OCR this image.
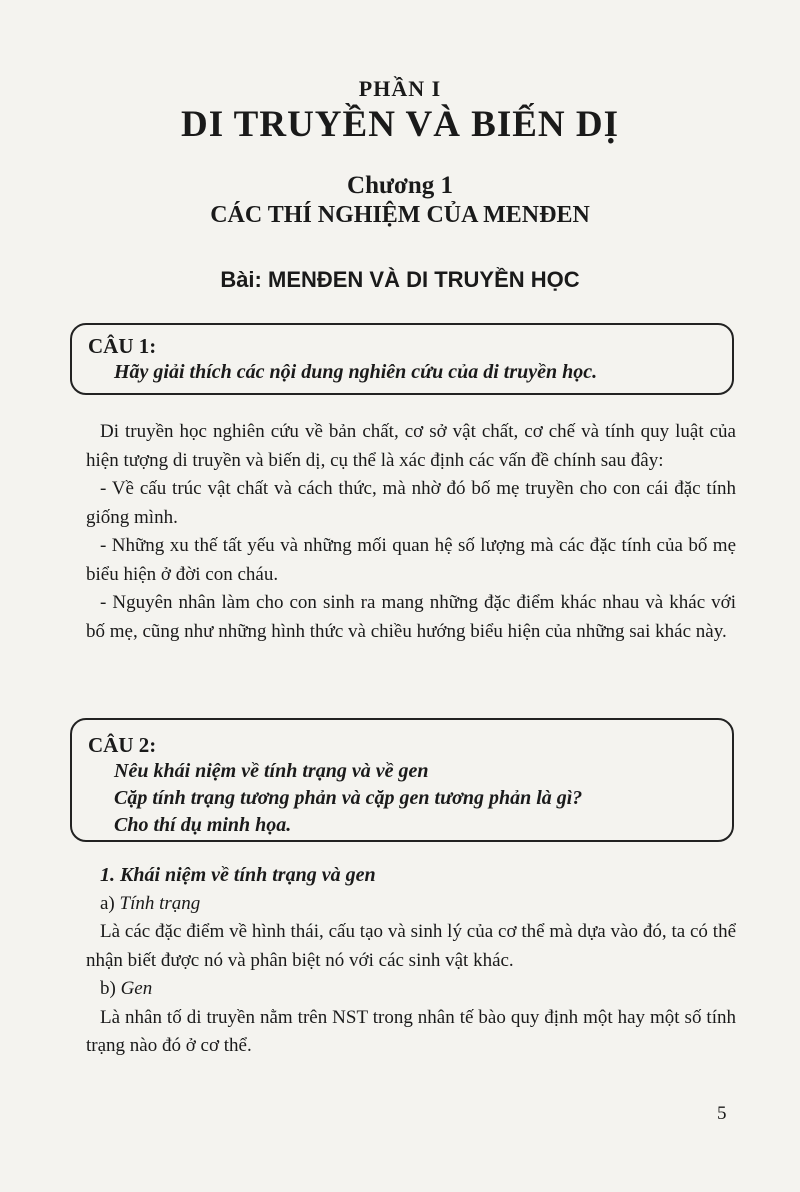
PHẦN I
DI TRUYỀN VÀ BIẾN DỊ
Chương 1
CÁC THÍ NGHIỆM CỦA MENĐEN
Bài: MENĐEN VÀ DI TRUYỀN HỌC
CÂU 1:
Hãy giải thích các nội dung nghiên cứu của di truyền học.

Di truyền học nghiên cứu về bản chất, cơ sở vật chất, cơ chế và tính quy luật của hiện tượng di truyền và biến dị, cụ thể là xác định các vấn đề chính sau đây:

- Về cấu trúc vật chất và cách thức, mà nhờ đó bố mẹ truyền cho con cái đặc tính giống mình.

- Những xu thế tất yếu và những mối quan hệ số lượng mà các đặc tính của bố mẹ biểu hiện ở đời con cháu.

- Nguyên nhân làm cho con sinh ra mang những đặc điểm khác nhau và khác với bố mẹ, cũng như những hình thức và chiều hướng biểu hiện của những sai khác này.

CÂU 2:
Nêu khái niệm về tính trạng và về gen
Cặp tính trạng tương phản và cặp gen tương phản là gì?
Cho thí dụ minh họa.

1. Khái niệm về tính trạng và gen

a) Tính trạng

Là các đặc điểm về hình thái, cấu tạo và sinh lý của cơ thể mà dựa vào đó, ta có thể nhận biết được nó và phân biệt nó với các sinh vật khác.

b) Gen

Là nhân tố di truyền nằm trên NST trong nhân tế bào quy định một hay một số tính trạng nào đó ở cơ thể.

5
